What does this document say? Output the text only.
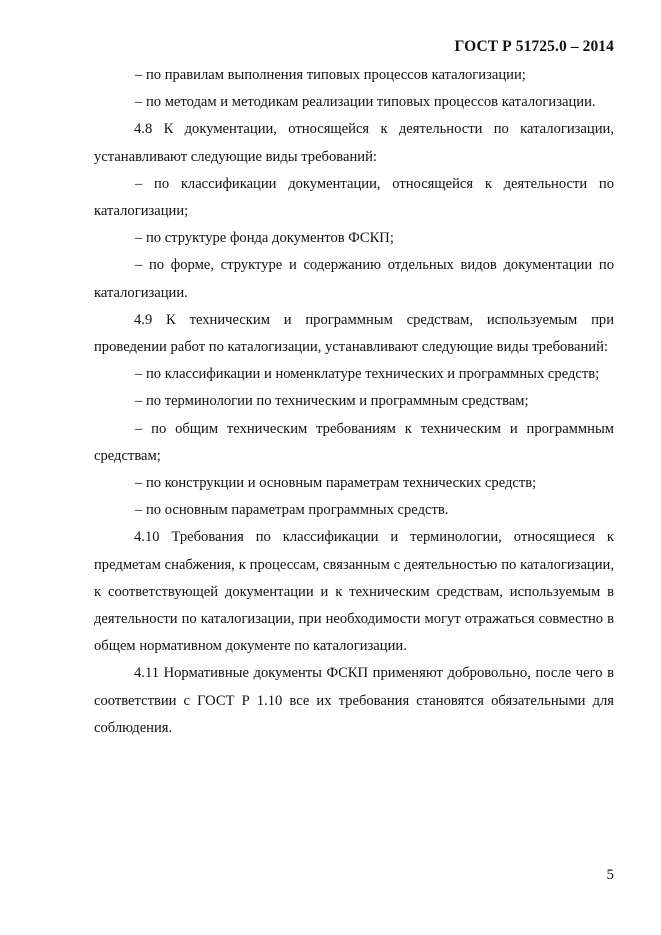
ГОСТ Р 51725.0 – 2014

– по правилам выполнения типовых процессов каталогизации;

– по методам и методикам реализации типовых процессов каталогизации.

4.8 К документации, относящейся к деятельности по каталогизации, устанавливают следующие виды требований:

– по классификации документации, относящейся к деятельности по каталогизации;

– по структуре фонда документов ФСКП;

– по форме, структуре и содержанию отдельных видов документации по каталогизации.

4.9 К техническим и программным средствам, используемым при проведении работ по каталогизации, устанавливают следующие виды требований:

– по классификации и номенклатуре технических и программных средств;

– по терминологии по техническим и программным средствам;

– по общим техническим требованиям к техническим и программным средствам;

– по конструкции и основным параметрам технических средств;

– по основным параметрам программных средств.

4.10 Требования по классификации и терминологии, относящиеся к предметам снабжения, к процессам, связанным с деятельностью по каталогизации, к соответствующей документации и к техническим средствам, используемым в деятельности по каталогизации, при необходимости могут отражаться совместно в общем нормативном документе по каталогизации.

4.11 Нормативные документы ФСКП применяют добровольно, после чего в соответствии с ГОСТ Р 1.10 все их требования становятся обязательными для соблюдения.

5
